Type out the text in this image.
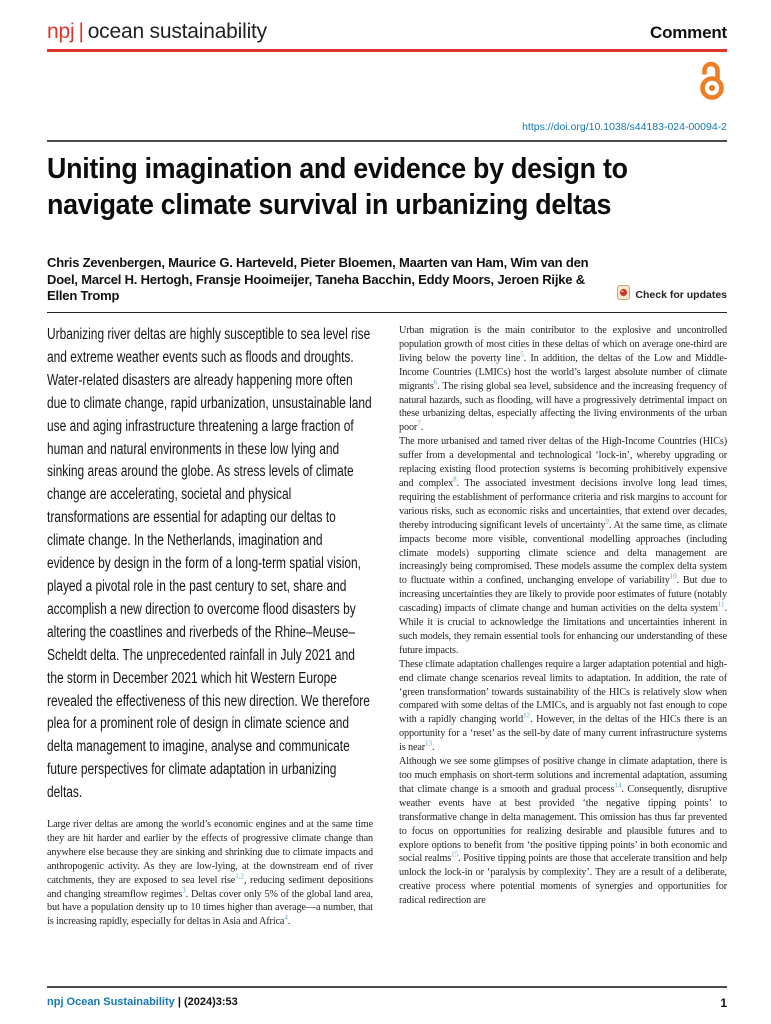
npj | ocean sustainability	Comment
https://doi.org/10.1038/s44183-024-00094-2
Uniting imagination and evidence by design to navigate climate survival in urbanizing deltas
Chris Zevenbergen, Maurice G. Harteveld, Pieter Bloemen, Maarten van Ham, Wim van den Doel, Marcel H. Hertogh, Fransje Hooimeijer, Taneha Bacchin, Eddy Moors, Jeroen Rijke & Ellen Tromp	Check for updates
Urbanizing river deltas are highly susceptible to sea level rise and extreme weather events such as floods and droughts. Water-related disasters are already happening more often due to climate change, rapid urbanization, unsustainable land use and aging infrastructure threatening a large fraction of human and natural environments in these low lying and sinking areas around the globe. As stress levels of climate change are accelerating, societal and physical transformations are essential for adapting our deltas to climate change. In the Netherlands, imagination and evidence by design in the form of a long-term spatial vision, played a pivotal role in the past century to set, share and accomplish a new direction to overcome flood disasters by altering the coastlines and riverbeds of the Rhine–Meuse–Scheldt delta. The unprecedented rainfall in July 2021 and the storm in December 2021 which hit Western Europe revealed the effectiveness of this new direction. We therefore plea for a prominent role of design in climate science and delta management to imagine, analyse and communicate future perspectives for climate adaptation in urbanizing deltas.
Large river deltas are among the world’s economic engines and at the same time they are hit harder and earlier by the effects of progressive climate change than anywhere else because they are sinking and shrinking due to climate impacts and anthropogenic activity. As they are low-lying, at the downstream end of river catchments, they are exposed to sea level rise$^{1,2}$, reducing sediment depositions and changing streamflow regimes$^3$. Deltas cover only 5% of the global land area, but have a population density up to 10 times higher than average—a number, that is increasing rapidly, especially for deltas in Asia and Africa$^4$.

Urban migration is the main contributor to the explosive and uncontrolled population growth of most cities in these deltas of which on average one-third are living below the poverty line$^5$. In addition, the deltas of the Low and Middle-Income Countries (LMICs) host the world’s largest absolute number of climate migrants$^6$. The rising global sea level, subsidence and the increasing frequency of natural hazards, such as flooding, will have a progressively detrimental impact on these urbanizing deltas, especially affecting the living environments of the urban poor$^7$.

The more urbanised and tamed river deltas of the High-Income Countries (HICs) suffer from a developmental and technological ‘lock-in’, whereby upgrading or replacing existing flood protection systems is becoming prohibitively expensive and complex$^8$. The associated investment decisions involve long lead times, requiring the establishment of performance criteria and risk margins to account for various risks, such as economic risks and uncertainties, that extend over decades, thereby introducing significant levels of uncertainty$^9$. At the same time, as climate impacts become more visible, conventional modelling approaches (including climate models) supporting climate science and delta management are increasingly being compromised. These models assume the complex delta system to fluctuate within a confined, unchanging envelope of variability$^{10}$. But due to increasing uncertainties they are likely to provide poor estimates of future (notably cascading) impacts of climate change and human activities on the delta system$^{11}$. While it is crucial to acknowledge the limitations and uncertainties inherent in such models, they remain essential tools for enhancing our understanding of these future impacts.

These climate adaptation challenges require a larger adaptation potential and high-end climate change scenarios reveal limits to adaptation. In addition, the rate of ‘green transformation’ towards sustainability of the HICs is relatively slow when compared with some deltas of the LMICs, and is arguably not fast enough to cope with a rapidly changing world$^{12}$. However, in the deltas of the HICs there is an opportunity for a ‘reset’ as the sell-by date of many current infrastructure systems is near$^{13}$.

Although we see some glimpses of positive change in climate adaptation, there is too much emphasis on short-term solutions and incremental adaptation, assuming that climate change is a smooth and gradual process$^{14}$. Consequently, disruptive weather events have at best provided ‘the negative tipping points’ to transformative change in delta management. This omission has thus far prevented to focus on opportunities for realizing desirable and plausible futures and to explore options to benefit from ‘the positive tipping points’ in both economic and social realms$^{15}$. Positive tipping points are those that accelerate transition and help unlock the lock-in or ‘paralysis by complexity’. They are a result of a deliberate, creative process where potential moments of synergies and opportunities for radical redirection are

npj Ocean Sustainability | (2024)3:53	1
